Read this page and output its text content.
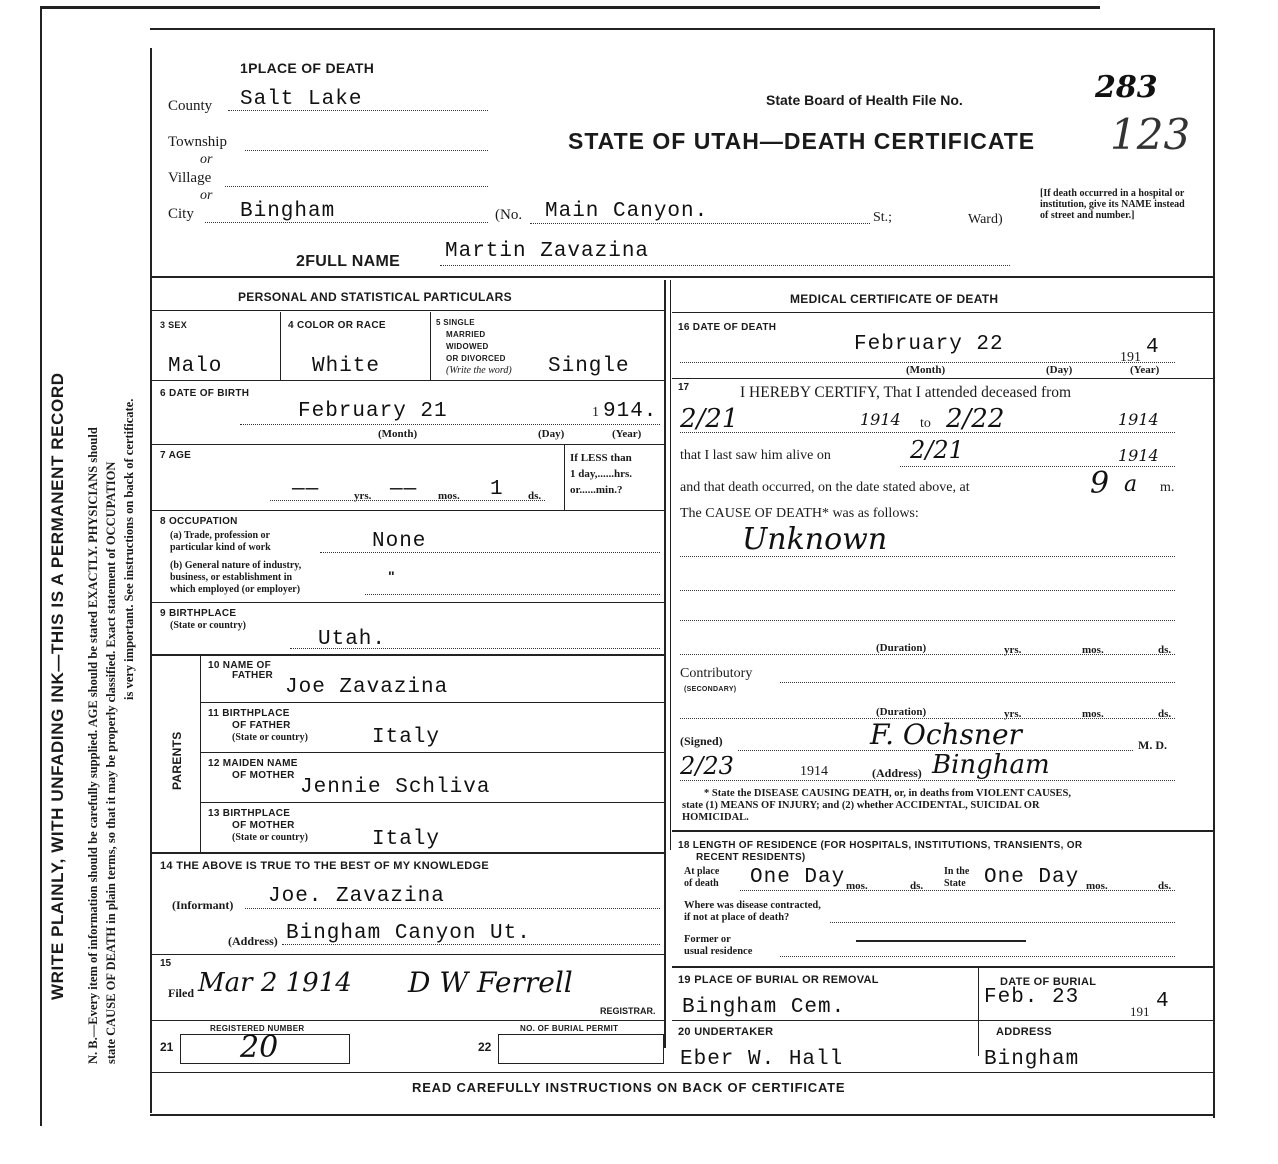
WRITE PLAINLY, WITH UNFADING INK—THIS IS A PERMANENT RECORD N. B.—Every item of information should be carefully supplied. AGE should be stated EXACTLY. PHYSICIANS should state CAUSE OF DEATH in plain terms, so that it may be properly classified. Exact statement of OCCUPATION is very important. See instructions on back of certificate.
1PLACE OF DEATH
County Salt Lake
Township
or
Village
or
City Bingham	(No. Main Canyon.	St.;	Ward)
State Board of Health File No.	283
123
STATE OF UTAH—DEATH CERTIFICATE
[If death occurred in a hospital or institution, give its NAME instead of street and number.]
2FULL NAME Martin Zavazina
PERSONAL AND STATISTICAL PARTICULARS
3 SEX
Malo
4 COLOR OR RACE
White
5 SINGLE
MARRIED
WIDOWED
OR DIVORCED
(Write the word) Single
6 DATE OF BIRTH
February 21	1 914.
(Month)	(Day)	(Year)
7 AGE
——	yrs. —— mos. 1 ds.
If LESS than
1 day,......hrs.
or......min.?
8 OCCUPATION
(a) Trade, profession or
particular kind of work	None
(b) General nature of industry,
business, or establishment in
which employed (or employer)
"
9 BIRTHPLACE
(State or country)
Utah.
PARENTS
10 NAME OF
FATHER
Joe Zavazina
11 BIRTHPLACE
OF FATHER
(State or country)	Italy
12 MAIDEN NAME
OF MOTHER
Jennie Schliva
13 BIRTHPLACE
OF MOTHER
(State or country)	Italy
14 THE ABOVE IS TRUE TO THE BEST OF MY KNOWLEDGE
(Informant) Joe. Zavazina
(Address) Bingham Canyon Ut.
15
Filed Mar 2 1914 D W Ferrell
REGISTRAR.
REGISTERED NUMBER
21 20
NO. OF BURIAL PERMIT
22
MEDICAL CERTIFICATE OF DEATH
16 DATE OF DEATH
February 22
191 4
(Month)	(Day)	(Year)
17	I HEREBY CERTIFY, That I attended deceased from
2/21	1914 to 2/22	1914
that I last saw him alive on	2/21	1914
and that death occurred, on the date stated above, at	9 a m.
The CAUSE OF DEATH* was as follows:
Unknown
(Duration)	yrs.	mos.	ds.
Contributory
(SECONDARY)
(Duration)	yrs.	mos.	ds.
(Signed)	F. Ochsner	M. D.
2/23	1914	(Address) Bingham
* State the DISEASE CAUSING DEATH, or, in deaths from VIOLENT CAUSES,
state (1) MEANS OF INJURY; and (2) whether ACCIDENTAL, SUICIDAL OR
HOMICIDAL.
18 LENGTH OF RESIDENCE (FOR HOSPITALS, INSTITUTIONS, TRANSIENTS, OR
RECENT RESIDENTS)
At place
of death One Day mos.	ds.
In the
State One Day mos.	ds.
Where was disease contracted,
if not at place of death?
Former or
usual residence
19 PLACE OF BURIAL OR REMOVAL
Bingham Cem.
DATE OF BURIAL
Feb. 23
191 4
20 UNDERTAKER
Eber W. Hall
ADDRESS
Bingham
READ CAREFULLY INSTRUCTIONS ON BACK OF CERTIFICATE
